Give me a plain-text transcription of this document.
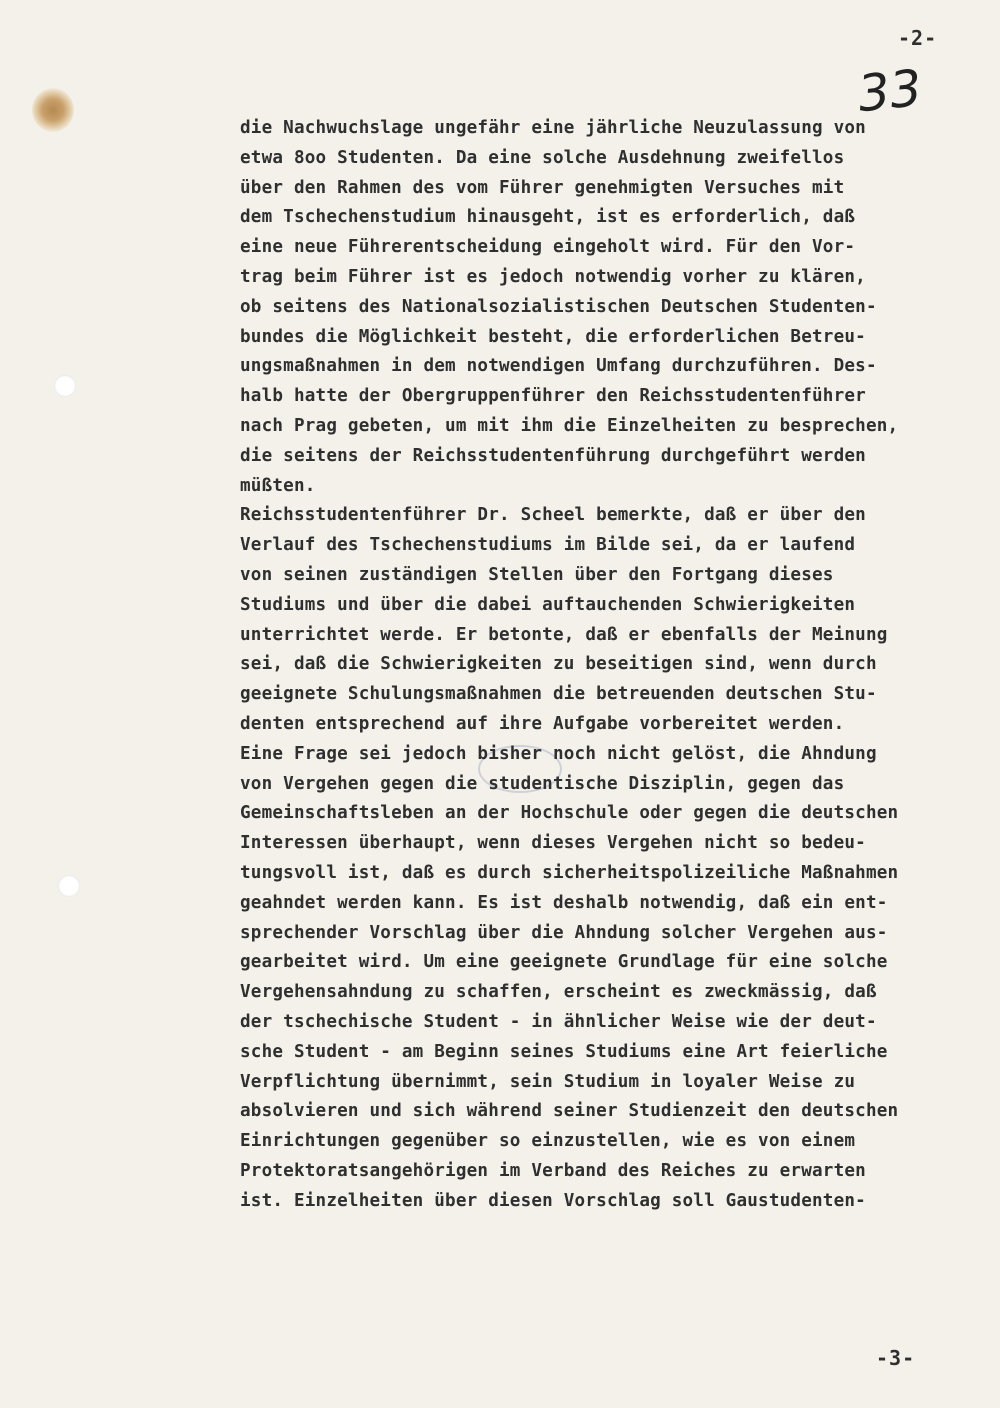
-2-
33
die Nachwuchslage ungefähr eine jährliche Neuzulassung von
etwa 8oo Studenten. Da eine solche Ausdehnung zweifellos
über den Rahmen des vom Führer genehmigten Versuches mit
dem Tschechenstudium hinausgeht, ist es erforderlich, daß
eine neue Führerentscheidung eingeholt wird. Für den Vor-
trag beim Führer ist es jedoch notwendig vorher zu klären,
ob seitens des Nationalsozialistischen Deutschen Studenten-
bundes die Möglichkeit besteht, die erforderlichen Betreu-
ungsmaßnahmen in dem notwendigen Umfang durchzuführen. Des-
halb hatte der Obergruppenführer den Reichsstudentenführer
nach Prag gebeten, um mit ihm die Einzelheiten zu besprechen,
die seitens der Reichsstudentenführung durchgeführt werden
müßten.
Reichsstudentenführer Dr. Scheel bemerkte, daß er über den
Verlauf des Tschechenstudiums im Bilde sei, da er laufend
von seinen zuständigen Stellen über den Fortgang dieses
Studiums und über die dabei auftauchenden Schwierigkeiten
unterrichtet werde. Er betonte, daß er ebenfalls der Meinung
sei, daß die Schwierigkeiten zu beseitigen sind, wenn durch
geeignete Schulungsmaßnahmen die betreuenden deutschen Stu-
denten entsprechend auf ihre Aufgabe vorbereitet werden.
Eine Frage sei jedoch bisher noch nicht gelöst, die Ahndung
von Vergehen gegen die studentische Disziplin, gegen das
Gemeinschaftsleben an der Hochschule oder gegen die deutschen
Interessen überhaupt, wenn dieses Vergehen nicht so bedeu-
tungsvoll ist, daß es durch sicherheitspolizeiliche Maßnahmen
geahndet werden kann. Es ist deshalb notwendig, daß ein ent-
sprechender Vorschlag über die Ahndung solcher Vergehen aus-
gearbeitet wird. Um eine geeignete Grundlage für eine solche
Vergehensahndung zu schaffen, erscheint es zweckmässig, daß
der tschechische Student - in ähnlicher Weise wie der deut-
sche Student - am Beginn seines Studiums eine Art feierliche
Verpflichtung übernimmt, sein Studium in loyaler Weise zu
absolvieren und sich während seiner Studienzeit den deutschen
Einrichtungen gegenüber so einzustellen, wie es von einem
Protektoratsangehörigen im Verband des Reiches zu erwarten
ist. Einzelheiten über diesen Vorschlag soll Gaustudenten-
-3-
